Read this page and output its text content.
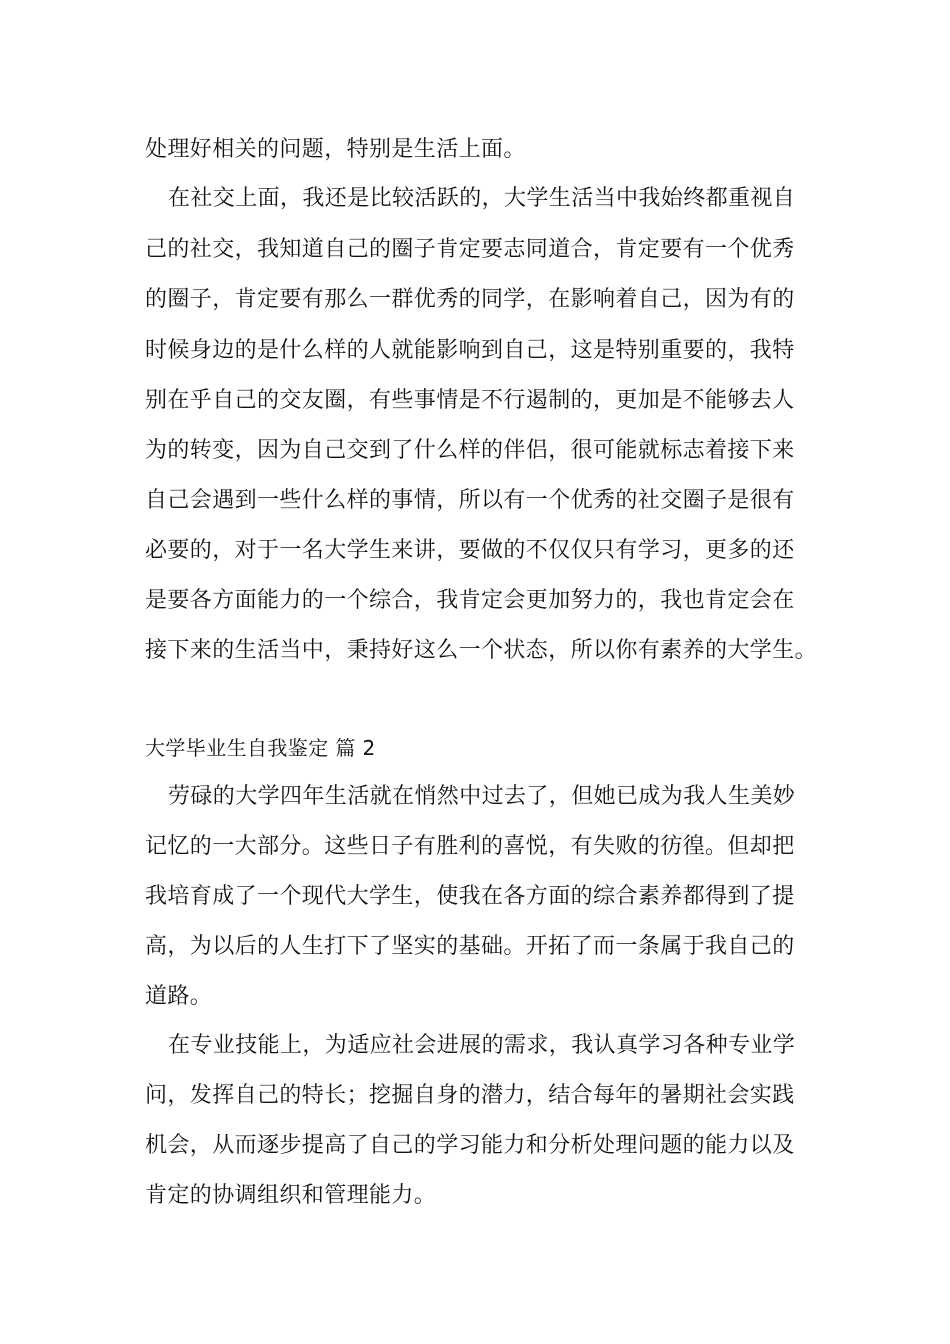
处理好相关的问题，特别是生活上面。
在社交上面，我还是比较活跃的，大学生活当中我始终都重视自
己的社交，我知道自己的圈子肯定要志同道合，肯定要有一个优秀
的圈子，肯定要有那么一群优秀的同学，在影响着自己，因为有的
时候身边的是什么样的人就能影响到自己，这是特别重要的，我特
别在乎自己的交友圈，有些事情是不行遏制的，更加是不能够去人
为的转变，因为自己交到了什么样的伴侣，很可能就标志着接下来
自己会遇到一些什么样的事情，所以有一个优秀的社交圈子是很有
必要的，对于一名大学生来讲，要做的不仅仅只有学习，更多的还
是要各方面能力的一个综合，我肯定会更加努力的，我也肯定会在
接下来的生活当中，秉持好这么一个状态，所以你有素养的大学生。
大学毕业生自我鉴定 篇 2
劳碌的大学四年生活就在悄然中过去了，但她已成为我人生美妙
记忆的一大部分。这些日子有胜利的喜悦，有失败的彷徨。但却把
我培育成了一个现代大学生，使我在各方面的综合素养都得到了提
高，为以后的人生打下了坚实的基础。开拓了而一条属于我自己的
道路。
在专业技能上，为适应社会进展的需求，我认真学习各种专业学
问，发挥自己的特长；挖掘自身的潜力，结合每年的暑期社会实践
机会，从而逐步提高了自己的学习能力和分析处理问题的能力以及
肯定的协调组织和管理能力。
